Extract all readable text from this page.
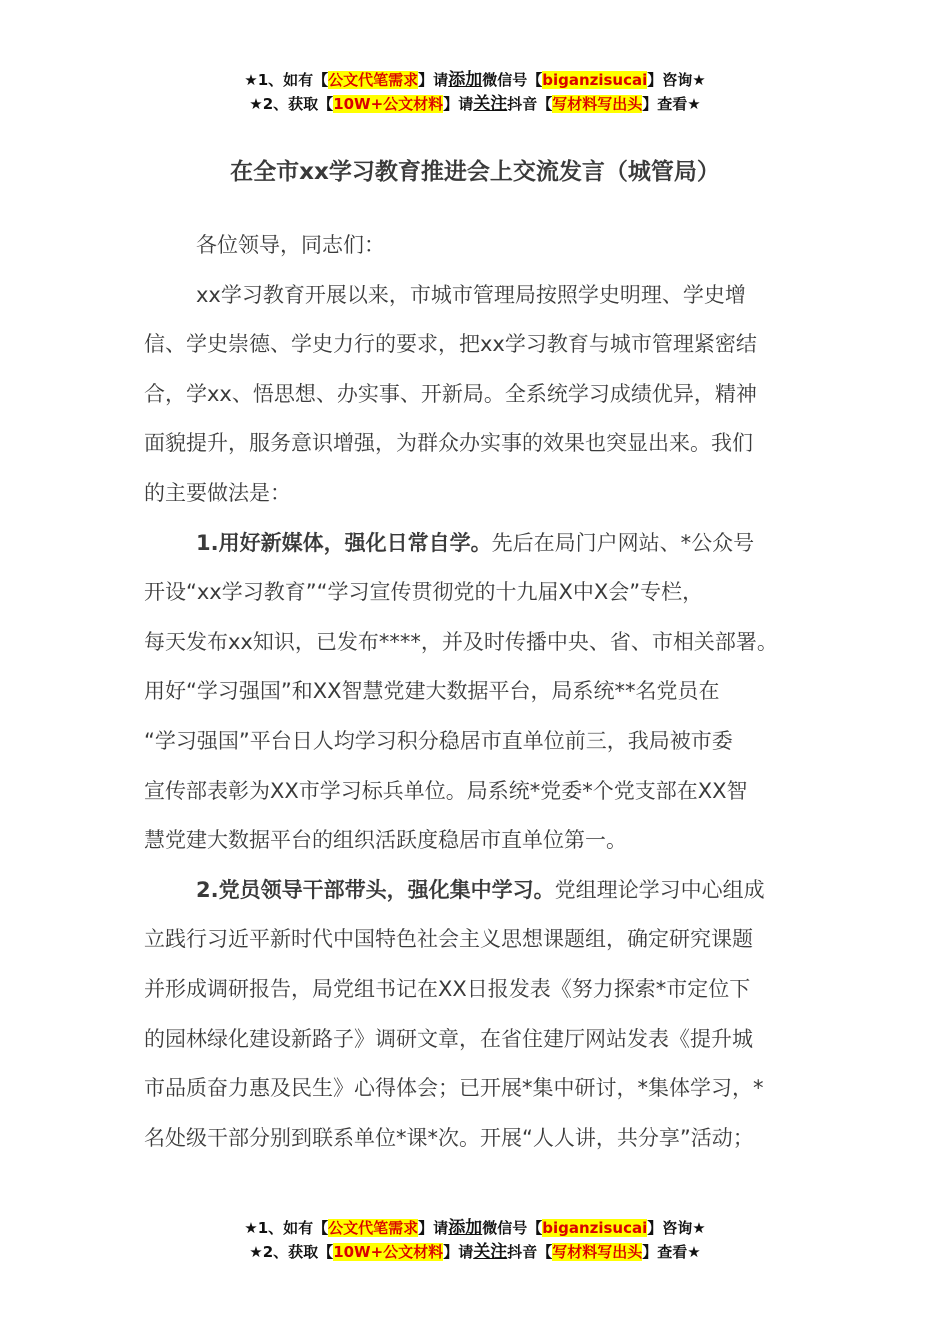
★1、如有【公文代笔需求】请添加微信号【biganzisucai】咨询★
★2、获取【10W+公文材料】请关注抖音【写材料写出头】查看★
在全市xx学习教育推进会上交流发言（城管局）

各位领导，同志们：

xx学习教育开展以来，市城市管理局按照学史明理、学史增
信、学史崇德、学史力行的要求，把xx学习教育与城市管理紧密结
合，学xx、悟思想、办实事、开新局。全系统学习成绩优异，精神
面貌提升，服务意识增强，为群众办实事的效果也突显出来。我们
的主要做法是：

1.用好新媒体，强化日常自学。先后在局门户网站、*公众号
开设“xx学习教育”“学习宣传贯彻党的十九届X中X会”专栏，
每天发布xx知识，已发布****，并及时传播中央、省、市相关部署。
用好“学习强国”和XX智慧党建大数据平台，局系统**名党员在
“学习强国”平台日人均学习积分稳居市直单位前三，我局被市委
宣传部表彰为XX市学习标兵单位。局系统*党委*个党支部在XX智
慧党建大数据平台的组织活跃度稳居市直单位第一。

2.党员领导干部带头，强化集中学习。党组理论学习中心组成
立践行习近平新时代中国特色社会主义思想课题组，确定研究课题
并形成调研报告，局党组书记在XX日报发表《努力探索*市定位下
的园林绿化建设新路子》调研文章，在省住建厅网站发表《提升城
市品质奋力惠及民生》心得体会；已开展*集中研讨，*集体学习，*
名处级干部分别到联系单位*课*次。开展“人人讲，共分享”活动；

★1、如有【公文代笔需求】请添加微信号【biganzisucai】咨询★
★2、获取【10W+公文材料】请关注抖音【写材料写出头】查看★
